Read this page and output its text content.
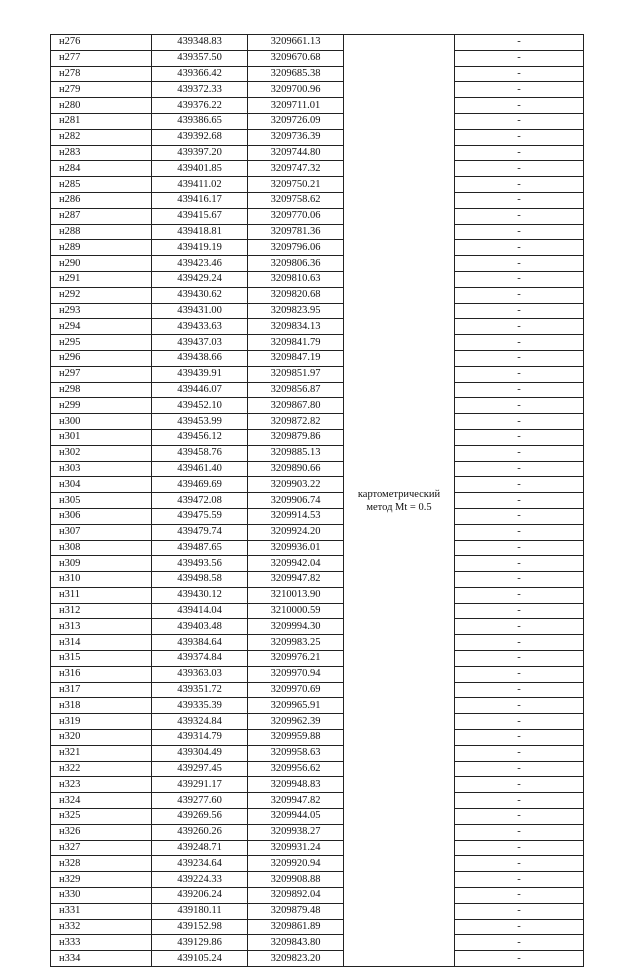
н276	439348.83	3209661.13	картометрический метод Mt = 0.5	-
н277	439357.50	3209670.68		-
н278	439366.42	3209685.38		-
н279	439372.33	3209700.96		-
н280	439376.22	3209711.01		-
н281	439386.65	3209726.09		-
н282	439392.68	3209736.39		-
н283	439397.20	3209744.80		-
н284	439401.85	3209747.32		-
н285	439411.02	3209750.21		-
н286	439416.17	3209758.62		-
н287	439415.67	3209770.06		-
н288	439418.81	3209781.36		-
н289	439419.19	3209796.06		-
н290	439423.46	3209806.36		-
н291	439429.24	3209810.63		-
н292	439430.62	3209820.68		-
н293	439431.00	3209823.95		-
н294	439433.63	3209834.13		-
н295	439437.03	3209841.79		-
н296	439438.66	3209847.19		-
н297	439439.91	3209851.97		-
н298	439446.07	3209856.87		-
н299	439452.10	3209867.80		-
н300	439453.99	3209872.82		-
н301	439456.12	3209879.86		-
н302	439458.76	3209885.13		-
н303	439461.40	3209890.66		-
н304	439469.69	3209903.22		-
н305	439472.08	3209906.74		-
н306	439475.59	3209914.53		-
н307	439479.74	3209924.20		-
н308	439487.65	3209936.01		-
н309	439493.56	3209942.04		-
н310	439498.58	3209947.82		-
н311	439430.12	3210013.90		-
н312	439414.04	3210000.59		-
н313	439403.48	3209994.30		-
н314	439384.64	3209983.25		-
н315	439374.84	3209976.21		-
н316	439363.03	3209970.94		-
н317	439351.72	3209970.69		-
н318	439335.39	3209965.91		-
н319	439324.84	3209962.39		-
н320	439314.79	3209959.88		-
н321	439304.49	3209958.63		-
н322	439297.45	3209956.62		-
н323	439291.17	3209948.83		-
н324	439277.60	3209947.82		-
н325	439269.56	3209944.05		-
н326	439260.26	3209938.27		-
н327	439248.71	3209931.24		-
н328	439234.64	3209920.94		-
н329	439224.33	3209908.88		-
н330	439206.24	3209892.04		-
н331	439180.11	3209879.48		-
н332	439152.98	3209861.89		-
н333	439129.86	3209843.80		-
н334	439105.24	3209823.20		-
